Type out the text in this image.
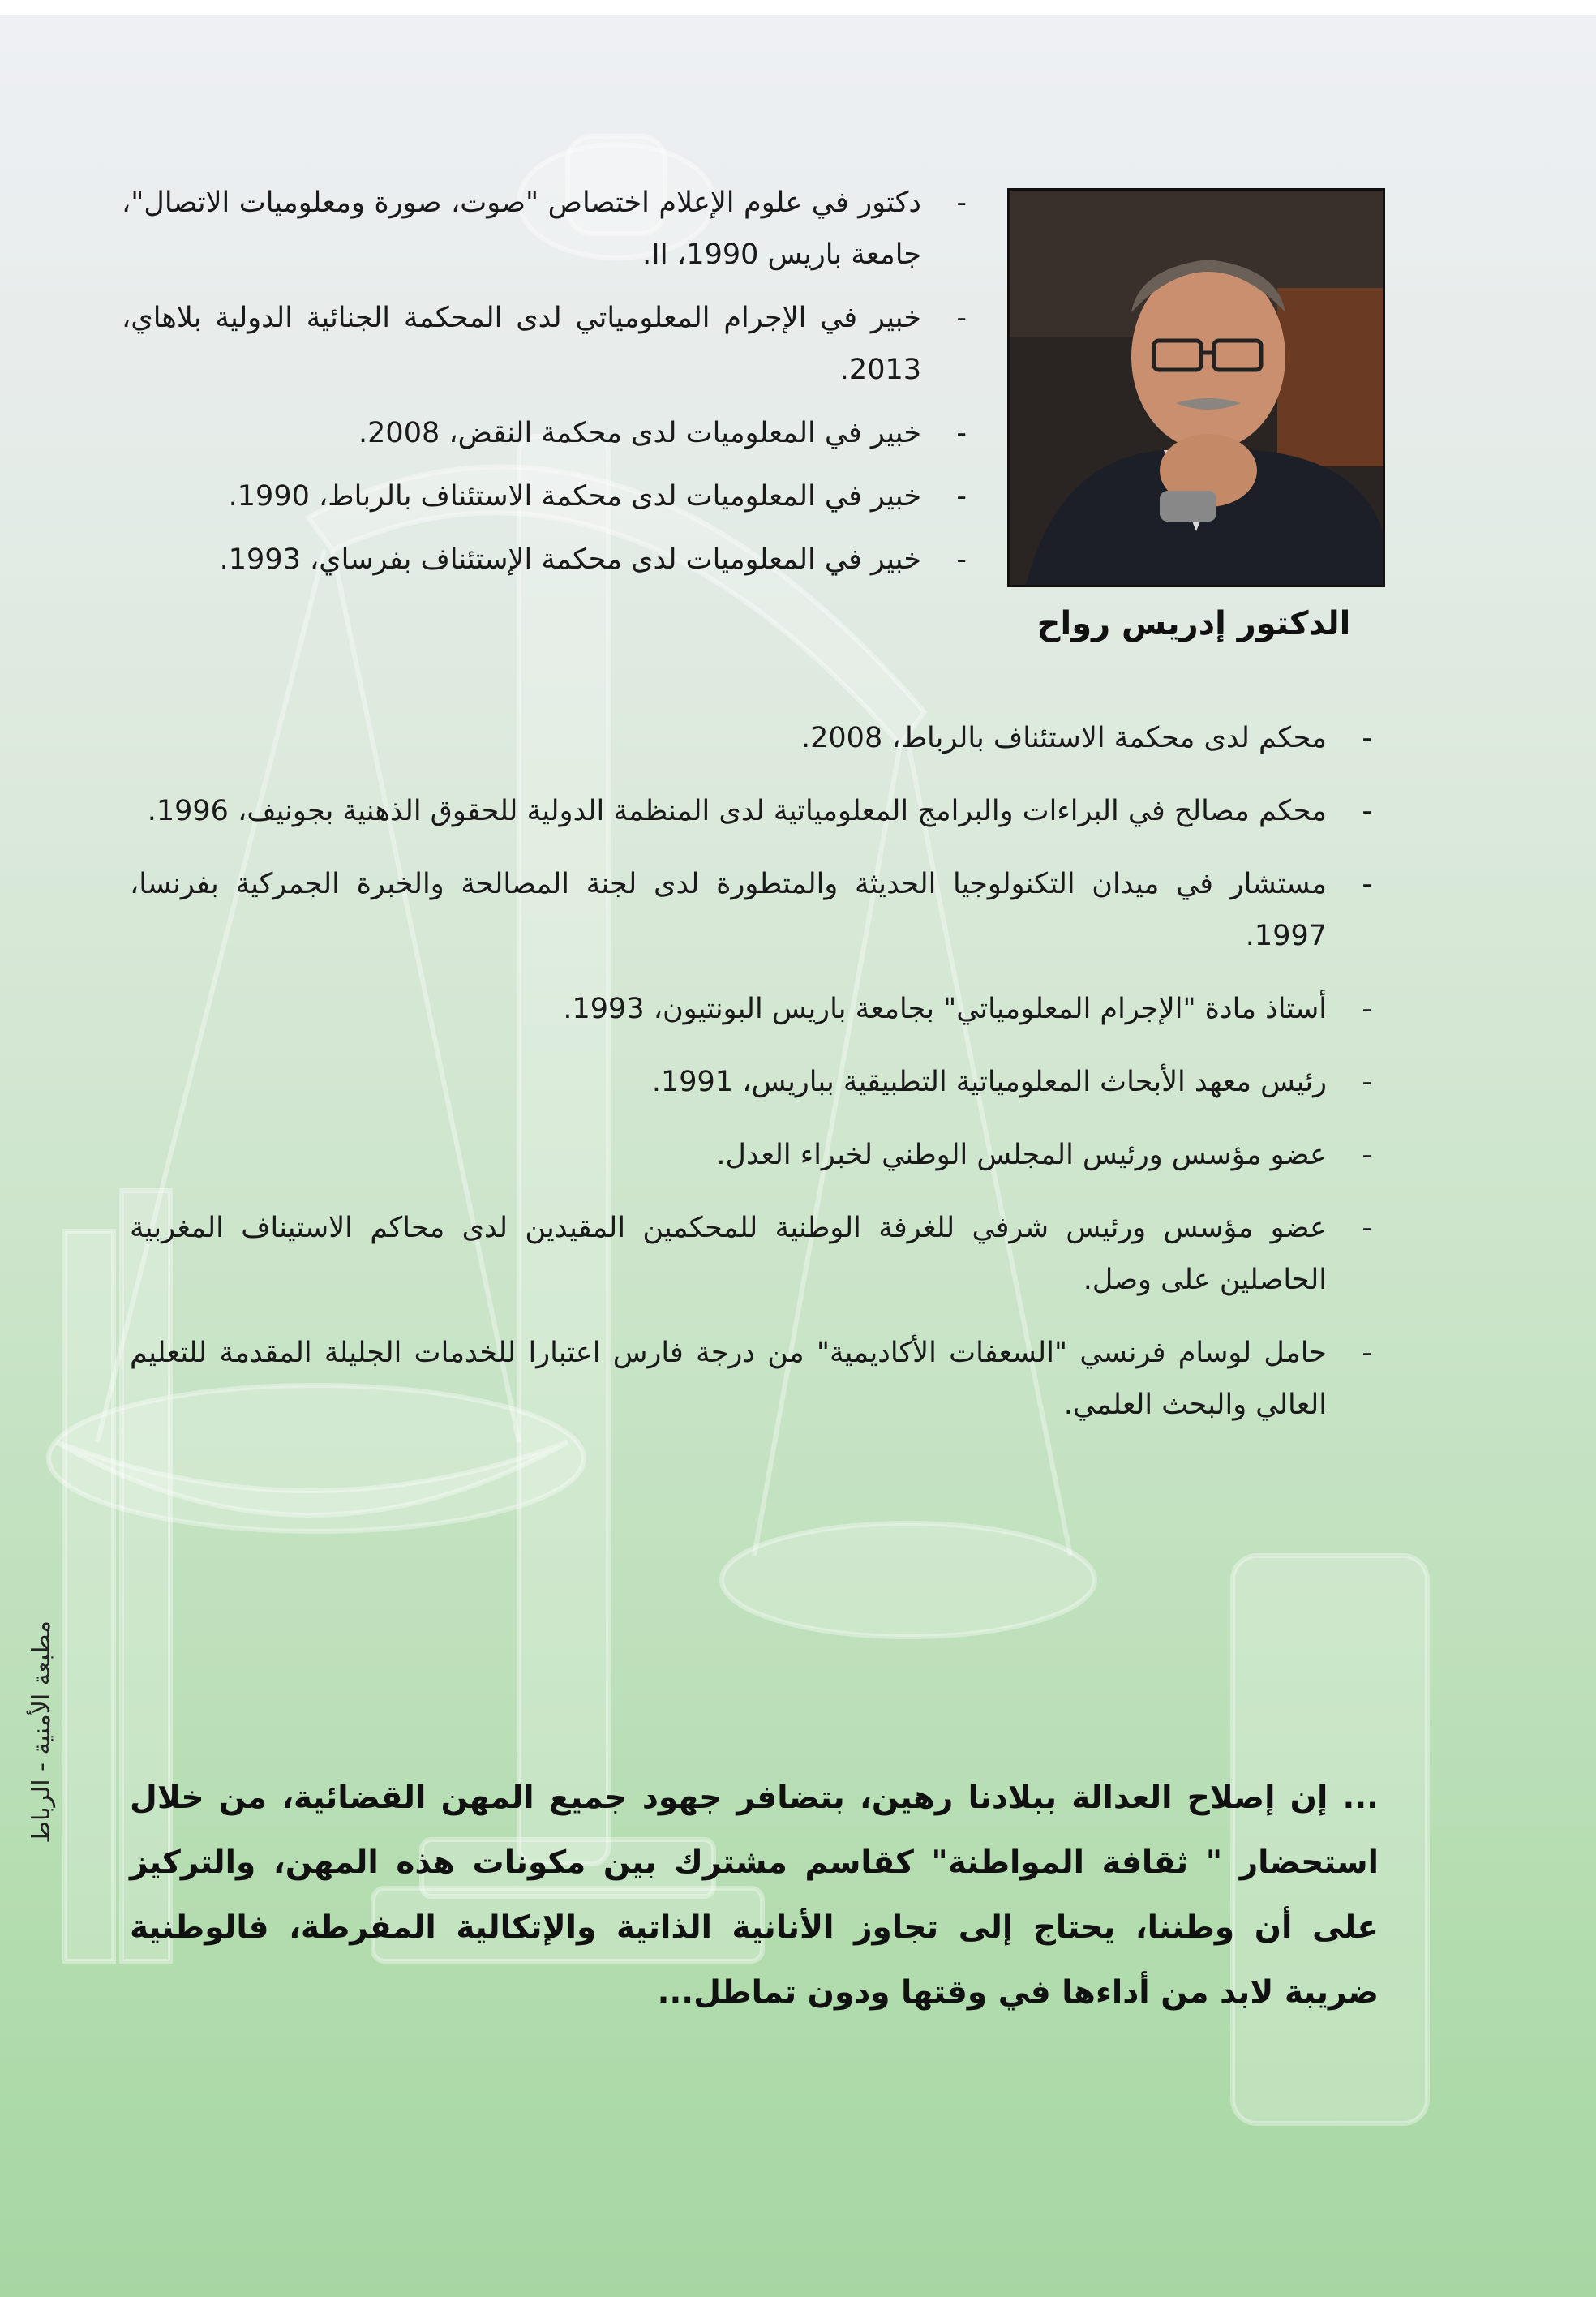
الدكتور إدريس رواح
-
دكتور في علوم الإعلام اختصاص "صوت، صورة ومعلوميات الاتصال"، جامعة باريس 1990، II.
-
خبير في الإجرام المعلومياتي لدى المحكمة الجنائية الدولية بلاهاي، 2013.
-
خبير في المعلوميات لدى محكمة النقض، 2008.
-
خبير في المعلوميات لدى محكمة الاستئناف بالرباط، 1990.
-
خبير في المعلوميات لدى محكمة الإستئناف بفرساي، 1993.
-
محكم لدى محكمة الاستئناف بالرباط، 2008.
-
محكم مصالح في البراءات والبرامج المعلومياتية لدى المنظمة الدولية للحقوق الذهنية بجونيف، 1996.
-
مستشار في ميدان التكنولوجيا الحديثة والمتطورة لدى لجنة المصالحة والخبرة الجمركية بفرنسا، 1997.
-
أستاذ مادة "الإجرام المعلومياتي" بجامعة باريس البونتيون، 1993.
-
رئيس معهد الأبحاث المعلومياتية التطبيقية بباريس، 1991.
-
عضو مؤسس ورئيس المجلس الوطني لخبراء العدل.
-
عضو مؤسس ورئيس شرفي للغرفة الوطنية للمحكمين المقيدين لدى محاكم الاستيناف المغربية الحاصلين على وصل.
-
حامل لوسام فرنسي "السعفات الأكاديمية" من درجة فارس اعتبارا للخدمات الجليلة المقدمة للتعليم العالي والبحث العلمي.

... إن إصلاح العدالة ببلادنا رهين، بتضافر جهود جميع المهن القضائية، من خلال استحضار " ثقافة المواطنة" كقاسم مشترك بين مكونات هذه المهن، والتركيز على أن وطننا، يحتاج إلى تجاوز الأنانية الذاتية والإتكالية المفرطة، فالوطنية ضريبة لابد من أداءها في وقتها ودون تماطل...

مطبعة الأمنية - الرباط
